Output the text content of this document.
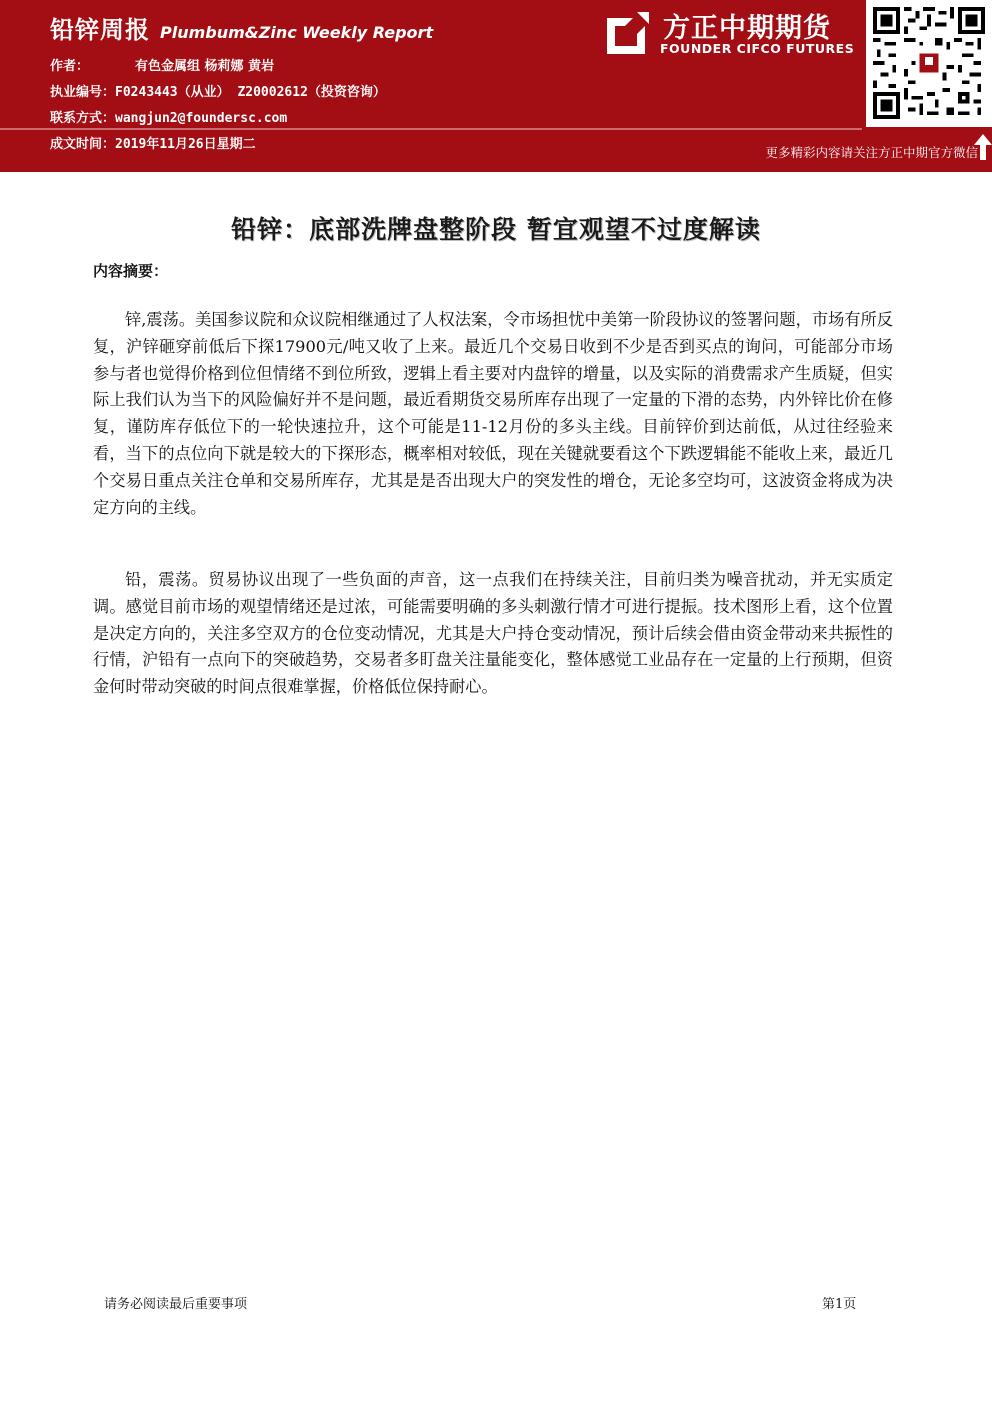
铅锌周报 Plumbum&Zinc Weekly Report
作者：	有色金属组 杨莉娜 黄岩
执业编号：F0243443（从业） Z20002612（投资咨询）
联系方式：wangjun2@foundersc.com
成文时间：2019年11月26日星期二
方正中期期货
FOUNDER CIFCO FUTURES
更多精彩内容请关注方正中期官方微信
铅锌：底部洗牌盘整阶段 暂宜观望不过度解读
内容摘要：

锌,震荡。美国参议院和众议院相继通过了人权法案，令市场担忧中美第一阶段协议的签署问题，市场有所反复，沪锌砸穿前低后下探17900元/吨又收了上来。最近几个交易日收到不少是否到买点的询问，可能部分市场参与者也觉得价格到位但情绪不到位所致，逻辑上看主要对内盘锌的增量，以及实际的消费需求产生质疑，但实际上我们认为当下的风险偏好并不是问题，最近看期货交易所库存出现了一定量的下滑的态势，内外锌比价在修复，谨防库存低位下的一轮快速拉升，这个可能是11-12月份的多头主线。目前锌价到达前低，从过往经验来看，当下的点位向下就是较大的下探形态，概率相对较低，现在关键就要看这个下跌逻辑能不能收上来，最近几个交易日重点关注仓单和交易所库存，尤其是是否出现大户的突发性的增仓，无论多空均可，这波资金将成为决定方向的主线。

铅，震荡。贸易协议出现了一些负面的声音，这一点我们在持续关注，目前归类为噪音扰动，并无实质定调。感觉目前市场的观望情绪还是过浓，可能需要明确的多头刺激行情才可进行提振。技术图形上看，这个位置是决定方向的，关注多空双方的仓位变动情况，尤其是大户持仓变动情况，预计后续会借由资金带动来共振性的行情，沪铅有一点向下的突破趋势，交易者多盯盘关注量能变化，整体感觉工业品存在一定量的上行预期，但资金何时带动突破的时间点很难掌握，价格低位保持耐心。

请务必阅读最后重要事项	第1页
